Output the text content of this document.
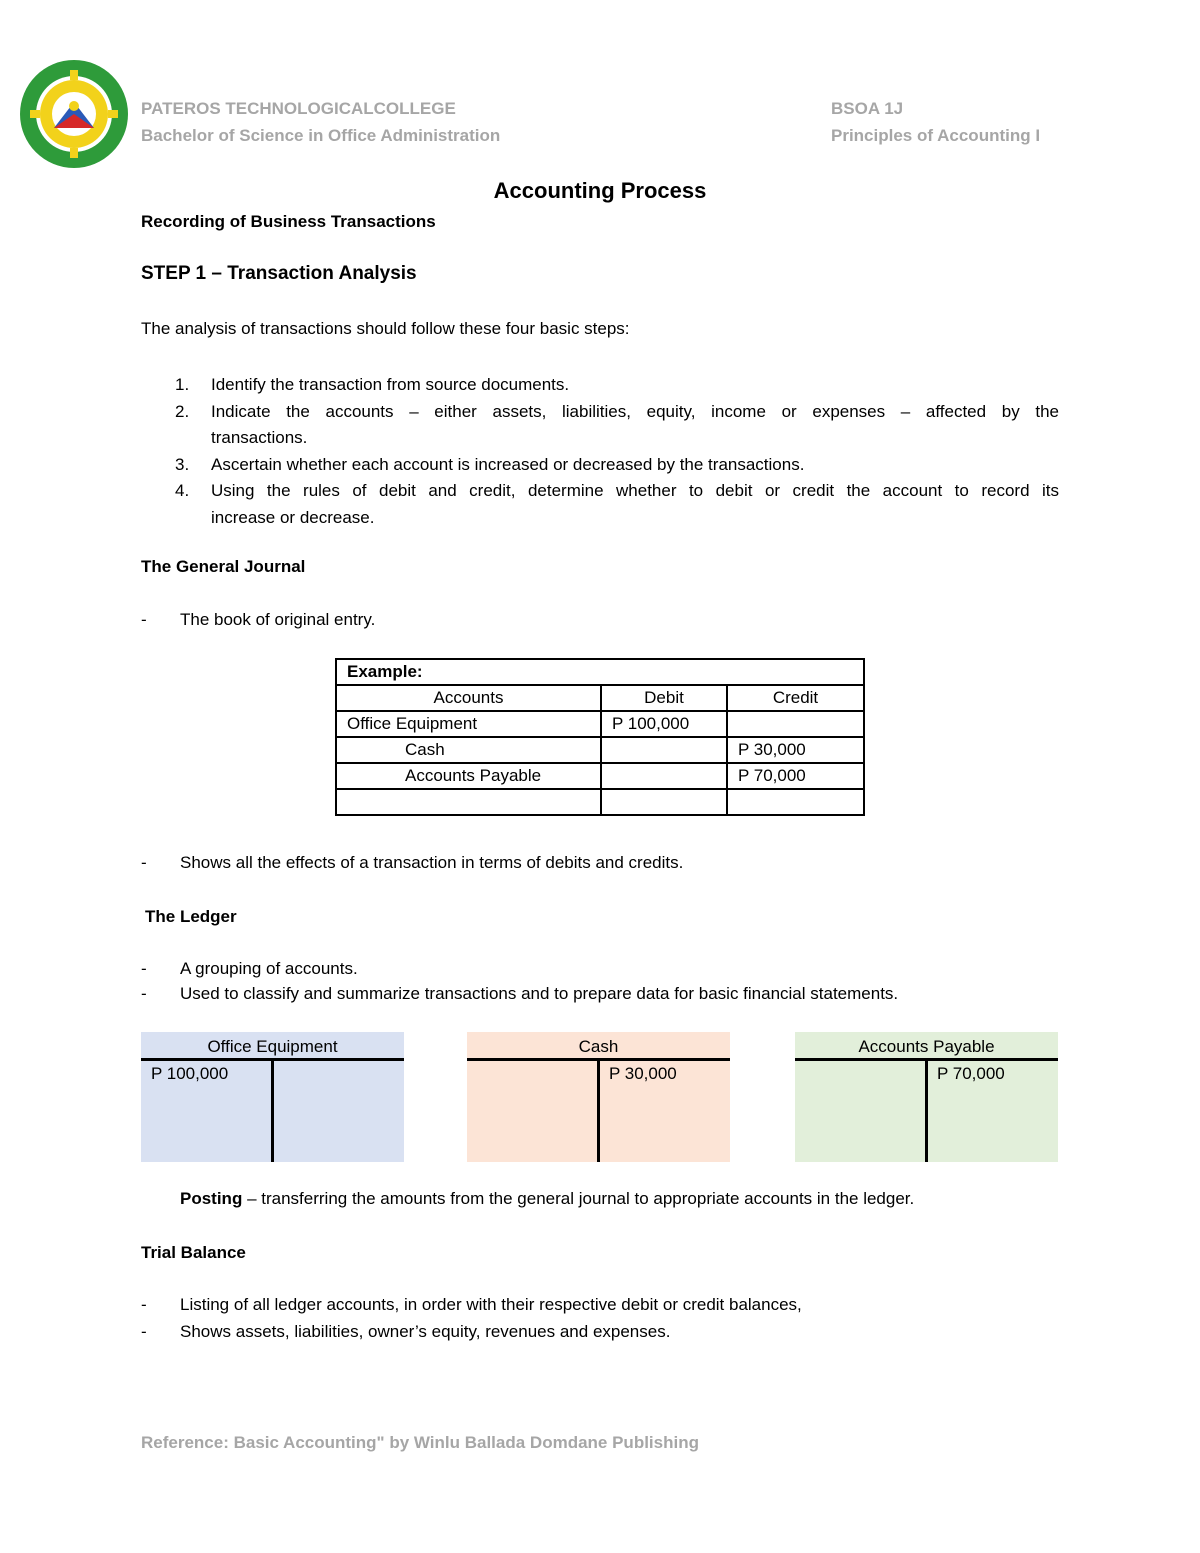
PATEROS TECHNOLOGICALCOLLEGE
Bachelor of Science in Office Administration
BSOA 1J
Principles of Accounting I
Accounting Process
Recording of Business Transactions
STEP 1 – Transaction Analysis
The analysis of transactions should follow these four basic steps:
1. Identify the transaction from source documents.
2. Indicate the accounts – either assets, liabilities, equity, income or expenses – affected by the
transactions.
3. Ascertain whether each account is increased or decreased by the transactions.
4. Using the rules of debit and credit, determine whether to debit or credit the account to record its
increase or decrease.
The General Journal
- The book of original entry.
Example:		
Accounts	Debit	Credit
Office Equipment	P 100,000	
Cash		P 30,000
Accounts Payable		P 70,000

- Shows all the effects of a transaction in terms of debits and credits.
The Ledger
- A grouping of accounts.
- Used to classify and summarize transactions and to prepare data for basic financial statements.
Office Equipment
P 100,000
Cash
P 30,000
Accounts Payable
P 70,000
Posting – transferring the amounts from the general journal to appropriate accounts in the ledger.
Trial Balance
- Listing of all ledger accounts, in order with their respective debit or credit balances,
- Shows assets, liabilities, owner’s equity, revenues and expenses.
Reference: Basic Accounting" by Winlu Ballada Domdane Publishing
